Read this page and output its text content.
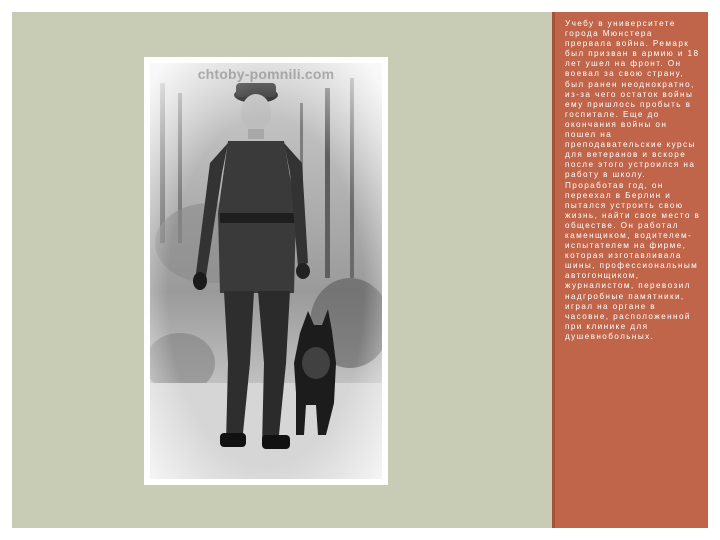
chtoby-pomnili.com
Учебу в университете города Мюнстера прервала война. Ремарк был призван в армию и 18 лет ушел на фронт. Он воевал за свою страну, был ранен неоднократно, из-за чего остаток войны ему пришлось пробыть в госпитале. Еще до окончания войны он пошел на преподавательские курсы для ветеранов и вскоре после этого устроился на работу в школу. Проработав год, он переехал в Берлин и пытался устроить свою жизнь, найти свое место в обществе. Он работал каменщиком, водителем-испытателем на фирме, которая изготавливала шины, профессиональным автогонщиком, журналистом, перевозил надгробные памятники, играл на органе в часовне, расположенной при клинике для душевнобольных.
